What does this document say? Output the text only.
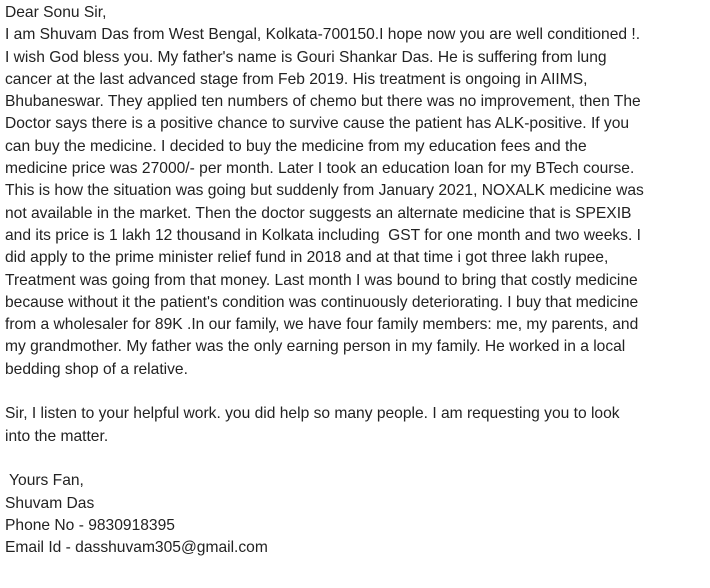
Dear Sonu Sir,
I am Shuvam Das from West Bengal, Kolkata-700150.I hope now you are well conditioned !.
I wish God bless you. My father's name is Gouri Shankar Das. He is suffering from lung
cancer at the last advanced stage from Feb 2019. His treatment is ongoing in AIIMS,
Bhubaneswar. They applied ten numbers of chemo but there was no improvement, then The
Doctor says there is a positive chance to survive cause the patient has ALK-positive. If you
can buy the medicine. I decided to buy the medicine from my education fees and the
medicine price was 27000/- per month. Later I took an education loan for my BTech course.
This is how the situation was going but suddenly from January 2021, NOXALK medicine was
not available in the market. Then the doctor suggests an alternate medicine that is SPEXIB
and its price is 1 lakh 12 thousand in Kolkata including  GST for one month and two weeks. I
did apply to the prime minister relief fund in 2018 and at that time i got three lakh rupee,
Treatment was going from that money. Last month I was bound to bring that costly medicine
because without it the patient's condition was continuously deteriorating. I buy that medicine
from a wholesaler for 89K .In our family, we have four family members: me, my parents, and
my grandmother. My father was the only earning person in my family. He worked in a local
bedding shop of a relative.
Sir, I listen to your helpful work. you did help so many people. I am requesting you to look
into the matter.
Yours Fan,
Shuvam Das
Phone No - 9830918395
Email Id - dasshuvam305@gmail.com
